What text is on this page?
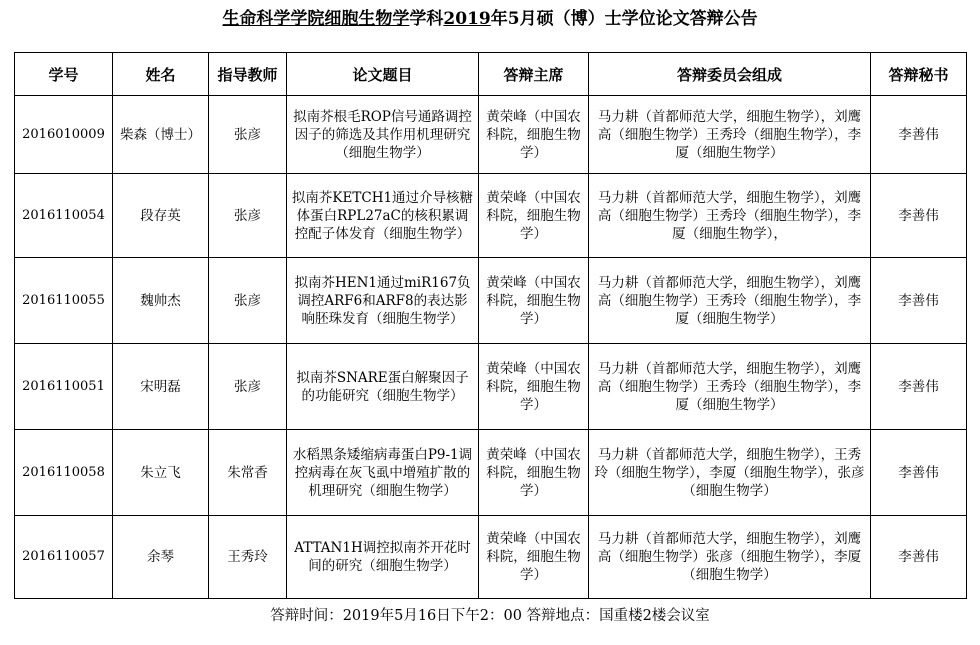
生命科学学院细胞生物学学科2019年5月硕（博）士学位论文答辩公告
学号	姓名	指导教师	论文题目	答辩主席	答辩委员会组成	答辩秘书
2016010009	柴森（博士）	张彦	拟南芥根毛ROP信号通路调控因子的筛选及其作用机理研究（细胞生物学）	黄荣峰（中国农科院，细胞生物学）	马力耕（首都师范大学，细胞生物学），刘鹰高（细胞生物学）王秀玲（细胞生物学），李厦（细胞生物学）	李善伟
2016110054	段存英	张彦	拟南芥KETCH1通过介导核糖体蛋白RPL27aC的核积累调控配子体发育（细胞生物学）	黄荣峰（中国农科院，细胞生物学）	马力耕（首都师范大学，细胞生物学），刘鹰高（细胞生物学）王秀玲（细胞生物学），李厦（细胞生物学），	李善伟
2016110055	魏帅杰	张彦	拟南芥HEN1通过miR167负调控ARF6和ARF8的表达影响胚珠发育（细胞生物学）	黄荣峰（中国农科院，细胞生物学）	马力耕（首都师范大学，细胞生物学），刘鹰高（细胞生物学）王秀玲（细胞生物学），李厦（细胞生物学）	李善伟
2016110051	宋明磊	张彦	拟南芥SNARE蛋白解聚因子的功能研究（细胞生物学）	黄荣峰（中国农科院，细胞生物学）	马力耕（首都师范大学，细胞生物学），刘鹰高（细胞生物学）王秀玲（细胞生物学），李厦（细胞生物学）	李善伟
2016110058	朱立飞	朱常香	水稻黑条矮缩病毒蛋白P9-1调控病毒在灰飞虱中增殖扩散的机理研究（细胞生物学）	黄荣峰（中国农科院，细胞生物学）	马力耕（首都师范大学，细胞生物学），王秀玲（细胞生物学），李厦（细胞生物学），张彦（细胞生物学）	李善伟
2016110057	余琴	王秀玲	ATTAN1H调控拟南芥开花时间的研究（细胞生物学）	黄荣峰（中国农科院，细胞生物学）	马力耕（首都师范大学，细胞生物学），刘鹰高（细胞生物学）张彦（细胞生物学），李厦（细胞生物学）	李善伟
答辩时间：2019年5月16日下午2：00 答辩地点：国重楼2楼会议室
